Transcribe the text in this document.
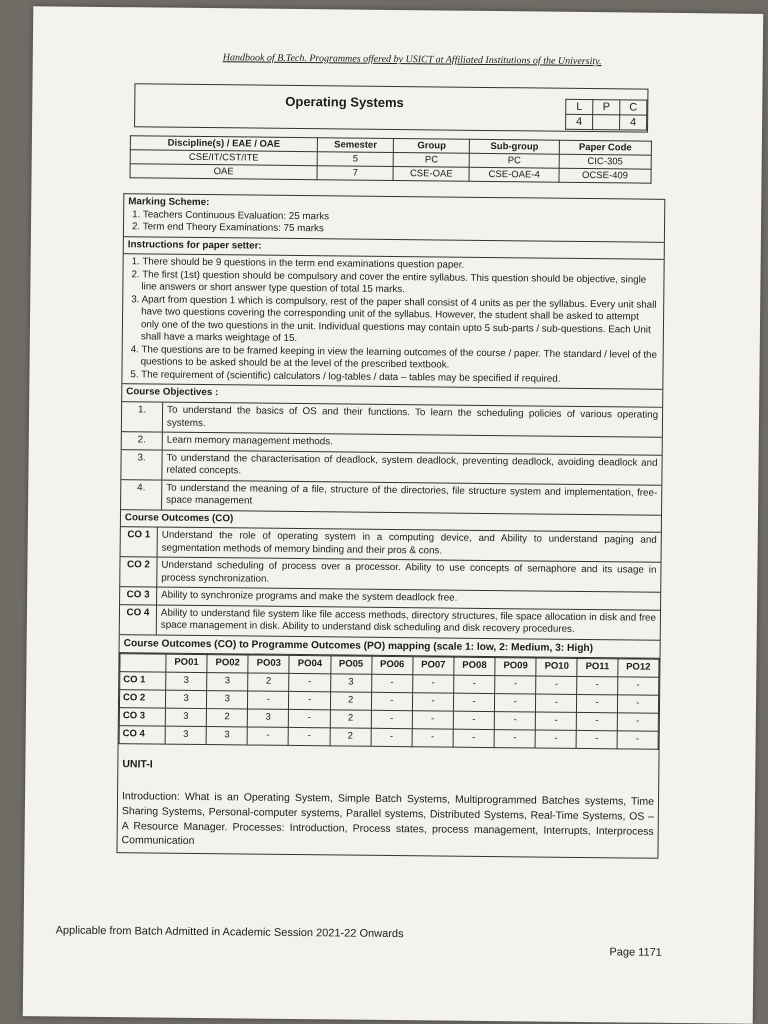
Handbook of B.Tech. Programmes offered by USICT at Affiliated Institutions of the University.
Operating Systems	L	P	C
4		4
Discipline(s) / EAE / OAE	Semester	Group	Sub-group	Paper Code
CSE/IT/CST/ITE	5	PC	PC	CIC-305
OAE	7	CSE-OAE	CSE-OAE-4	OCSE-409
Marking Scheme:
1. Teachers Continuous Evaluation: 25 marks
2. Term end Theory Examinations: 75 marks
Instructions for paper setter:
1. There should be 9 questions in the term end examinations question paper.
2. The first (1st) question should be compulsory and cover the entire syllabus. This question should be objective, single line answers or short answer type question of total 15 marks.
3. Apart from question 1 which is compulsory, rest of the paper shall consist of 4 units as per the syllabus. Every unit shall have two questions covering the corresponding unit of the syllabus. However, the student shall be asked to attempt only one of the two questions in the unit. Individual questions may contain upto 5 sub-parts / sub-questions. Each Unit shall have a marks weightage of 15.
4. The questions are to be framed keeping in view the learning outcomes of the course / paper. The standard / level of the questions to be asked should be at the level of the prescribed textbook.
5. The requirement of (scientific) calculators / log-tables / data – tables may be specified if required.
Course Objectives :
1.	To understand the basics of OS and their functions. To learn the scheduling policies of various operating systems.
2.	Learn memory management methods.
3.	To understand the characterisation of deadlock, system deadlock, preventing deadlock, avoiding deadlock and related concepts.
4.	To understand the meaning of a file, structure of the directories, file structure system and implementation, free-space management
Course Outcomes (CO)
CO 1	Understand the role of operating system in a computing device, and Ability to understand paging and segmentation methods of memory binding and their pros & cons.
CO 2	Understand scheduling of process over a processor. Ability to use concepts of semaphore and its usage in process synchronization.
CO 3	Ability to synchronize programs and make the system deadlock free.
CO 4	Ability to understand file system like file access methods, directory structures, file space allocation in disk and free space management in disk. Ability to understand disk scheduling and disk recovery procedures.
Course Outcomes (CO) to Programme Outcomes (PO) mapping (scale 1: low, 2: Medium, 3: High)
	PO01	PO02	PO03	PO04	PO05	PO06	PO07	PO08	PO09	PO10	PO11	PO12
CO 1	3	3	2	-	3	-	-	-	-	-	-	-
CO 2	3	3	-	-	2	-	-	-	-	-	-	-
CO 3	3	2	3	-	2	-	-	-	-	-	-	-
CO 4	3	3	-	-	2	-	-	-	-	-	-	-
UNIT-I
Introduction: What is an Operating System, Simple Batch Systems, Multiprogrammed Batches systems, Time Sharing Systems, Personal-computer systems, Parallel systems, Distributed Systems, Real-Time Systems, OS – A Resource Manager. Processes: Introduction, Process states, process management, Interrupts, Interprocess Communication
Applicable from Batch Admitted in Academic Session 2021-22 Onwards
Page 1171
